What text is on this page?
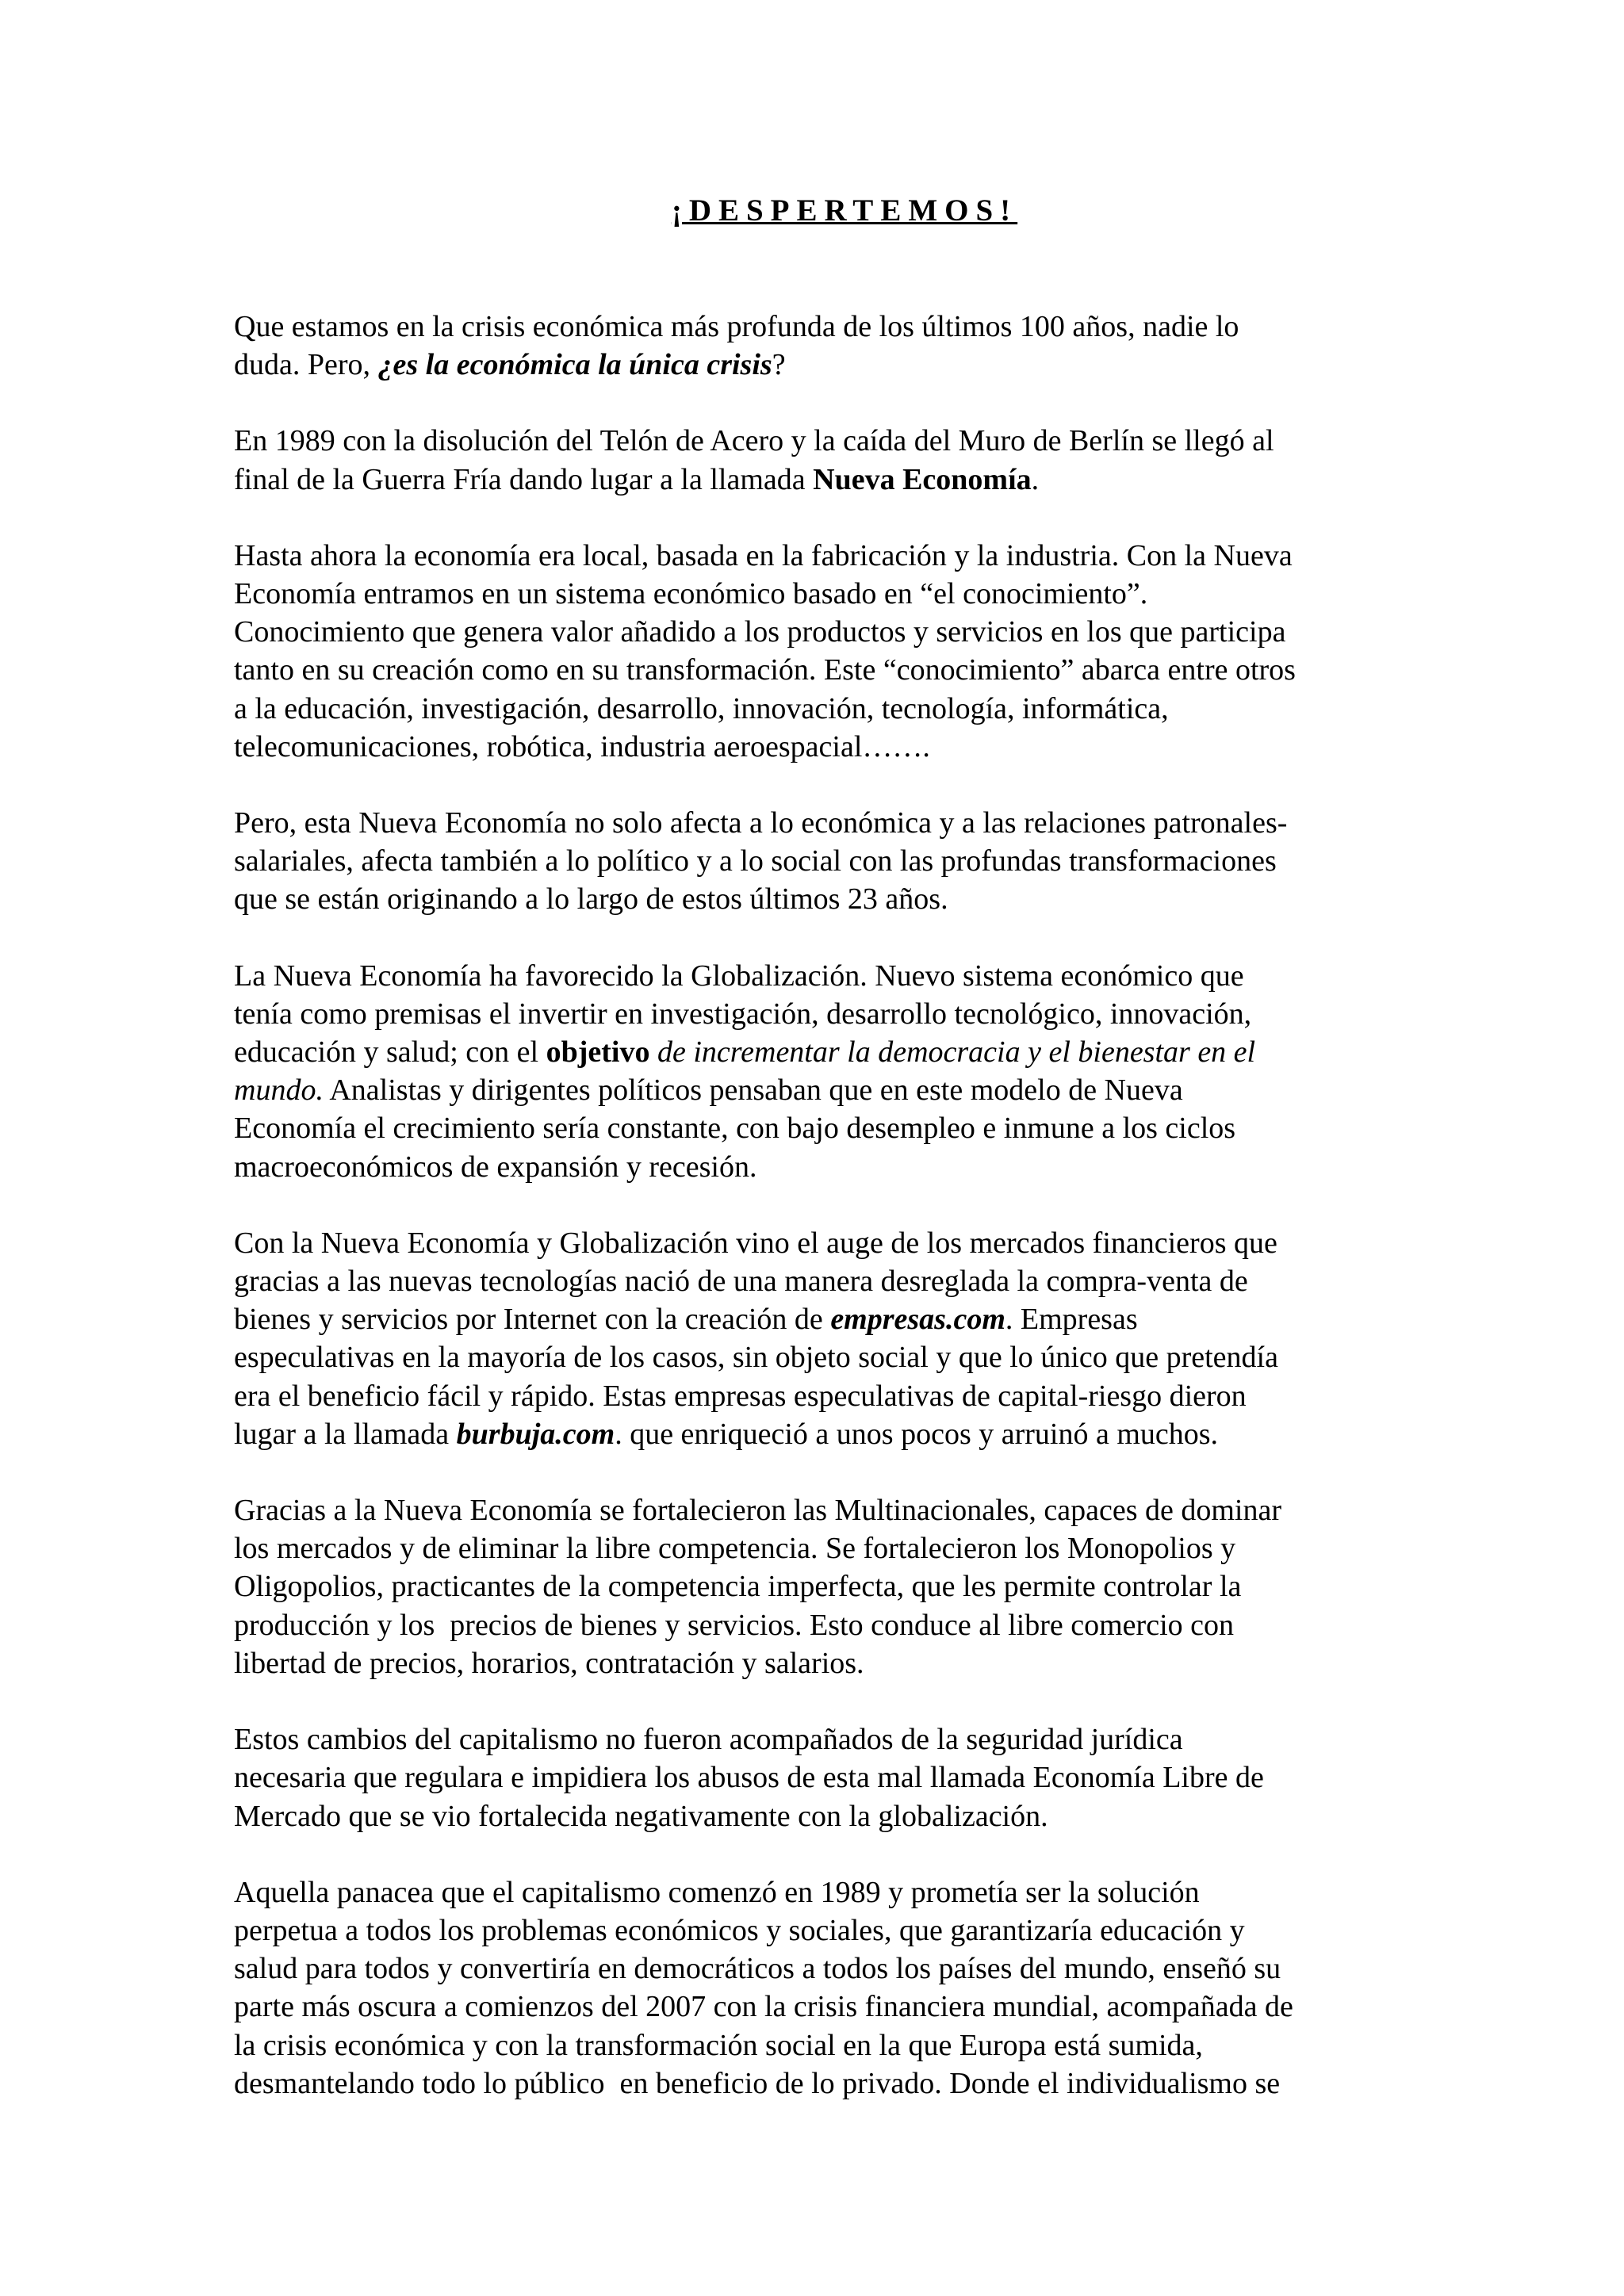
¡DESPERTEMOS!

Que estamos en la crisis económica más profunda de los últimos 100 años, nadie lo
duda. Pero, ¿es la económica la única crisis?

En 1989 con la disolución del Telón de Acero y la caída del Muro de Berlín se llegó al
final de la Guerra Fría dando lugar a la llamada Nueva Economía.

Hasta ahora la economía era local, basada en la fabricación y la industria. Con la Nueva
Economía entramos en un sistema económico basado en “el conocimiento”.
Conocimiento que genera valor añadido a los productos y servicios en los que participa
tanto en su creación como en su transformación. Este “conocimiento” abarca entre otros
a la educación, investigación, desarrollo, innovación, tecnología, informática,
telecomunicaciones, robótica, industria aeroespacial…….

Pero, esta Nueva Economía no solo afecta a lo económica y a las relaciones patronales-
salariales, afecta también a lo político y a lo social con las profundas transformaciones
que se están originando a lo largo de estos últimos 23 años.

La Nueva Economía ha favorecido la Globalización. Nuevo sistema económico que
tenía como premisas el invertir en investigación, desarrollo tecnológico, innovación,
educación y salud; con el objetivo de incrementar la democracia y el bienestar en el
mundo. Analistas y dirigentes políticos pensaban que en este modelo de Nueva
Economía el crecimiento sería constante, con bajo desempleo e inmune a los ciclos
macroeconómicos de expansión y recesión.

Con la Nueva Economía y Globalización vino el auge de los mercados financieros que
gracias a las nuevas tecnologías nació de una manera desreglada la compra-venta de
bienes y servicios por Internet con la creación de empresas.com. Empresas
especulativas en la mayoría de los casos, sin objeto social y que lo único que pretendía
era el beneficio fácil y rápido. Estas empresas especulativas de capital-riesgo dieron
lugar a la llamada burbuja.com. que enriqueció a unos pocos y arruinó a muchos.

Gracias a la Nueva Economía se fortalecieron las Multinacionales, capaces de dominar
los mercados y de eliminar la libre competencia. Se fortalecieron los Monopolios y
Oligopolios, practicantes de la competencia imperfecta, que les permite controlar la
producción y los  precios de bienes y servicios. Esto conduce al libre comercio con
libertad de precios, horarios, contratación y salarios.

Estos cambios del capitalismo no fueron acompañados de la seguridad jurídica
necesaria que regulara e impidiera los abusos de esta mal llamada Economía Libre de
Mercado que se vio fortalecida negativamente con la globalización.

Aquella panacea que el capitalismo comenzó en 1989 y prometía ser la solución
perpetua a todos los problemas económicos y sociales, que garantizaría educación y
salud para todos y convertiría en democráticos a todos los países del mundo, enseñó su
parte más oscura a comienzos del 2007 con la crisis financiera mundial, acompañada de
la crisis económica y con la transformación social en la que Europa está sumida,
desmantelando todo lo público  en beneficio de lo privado. Donde el individualismo se
